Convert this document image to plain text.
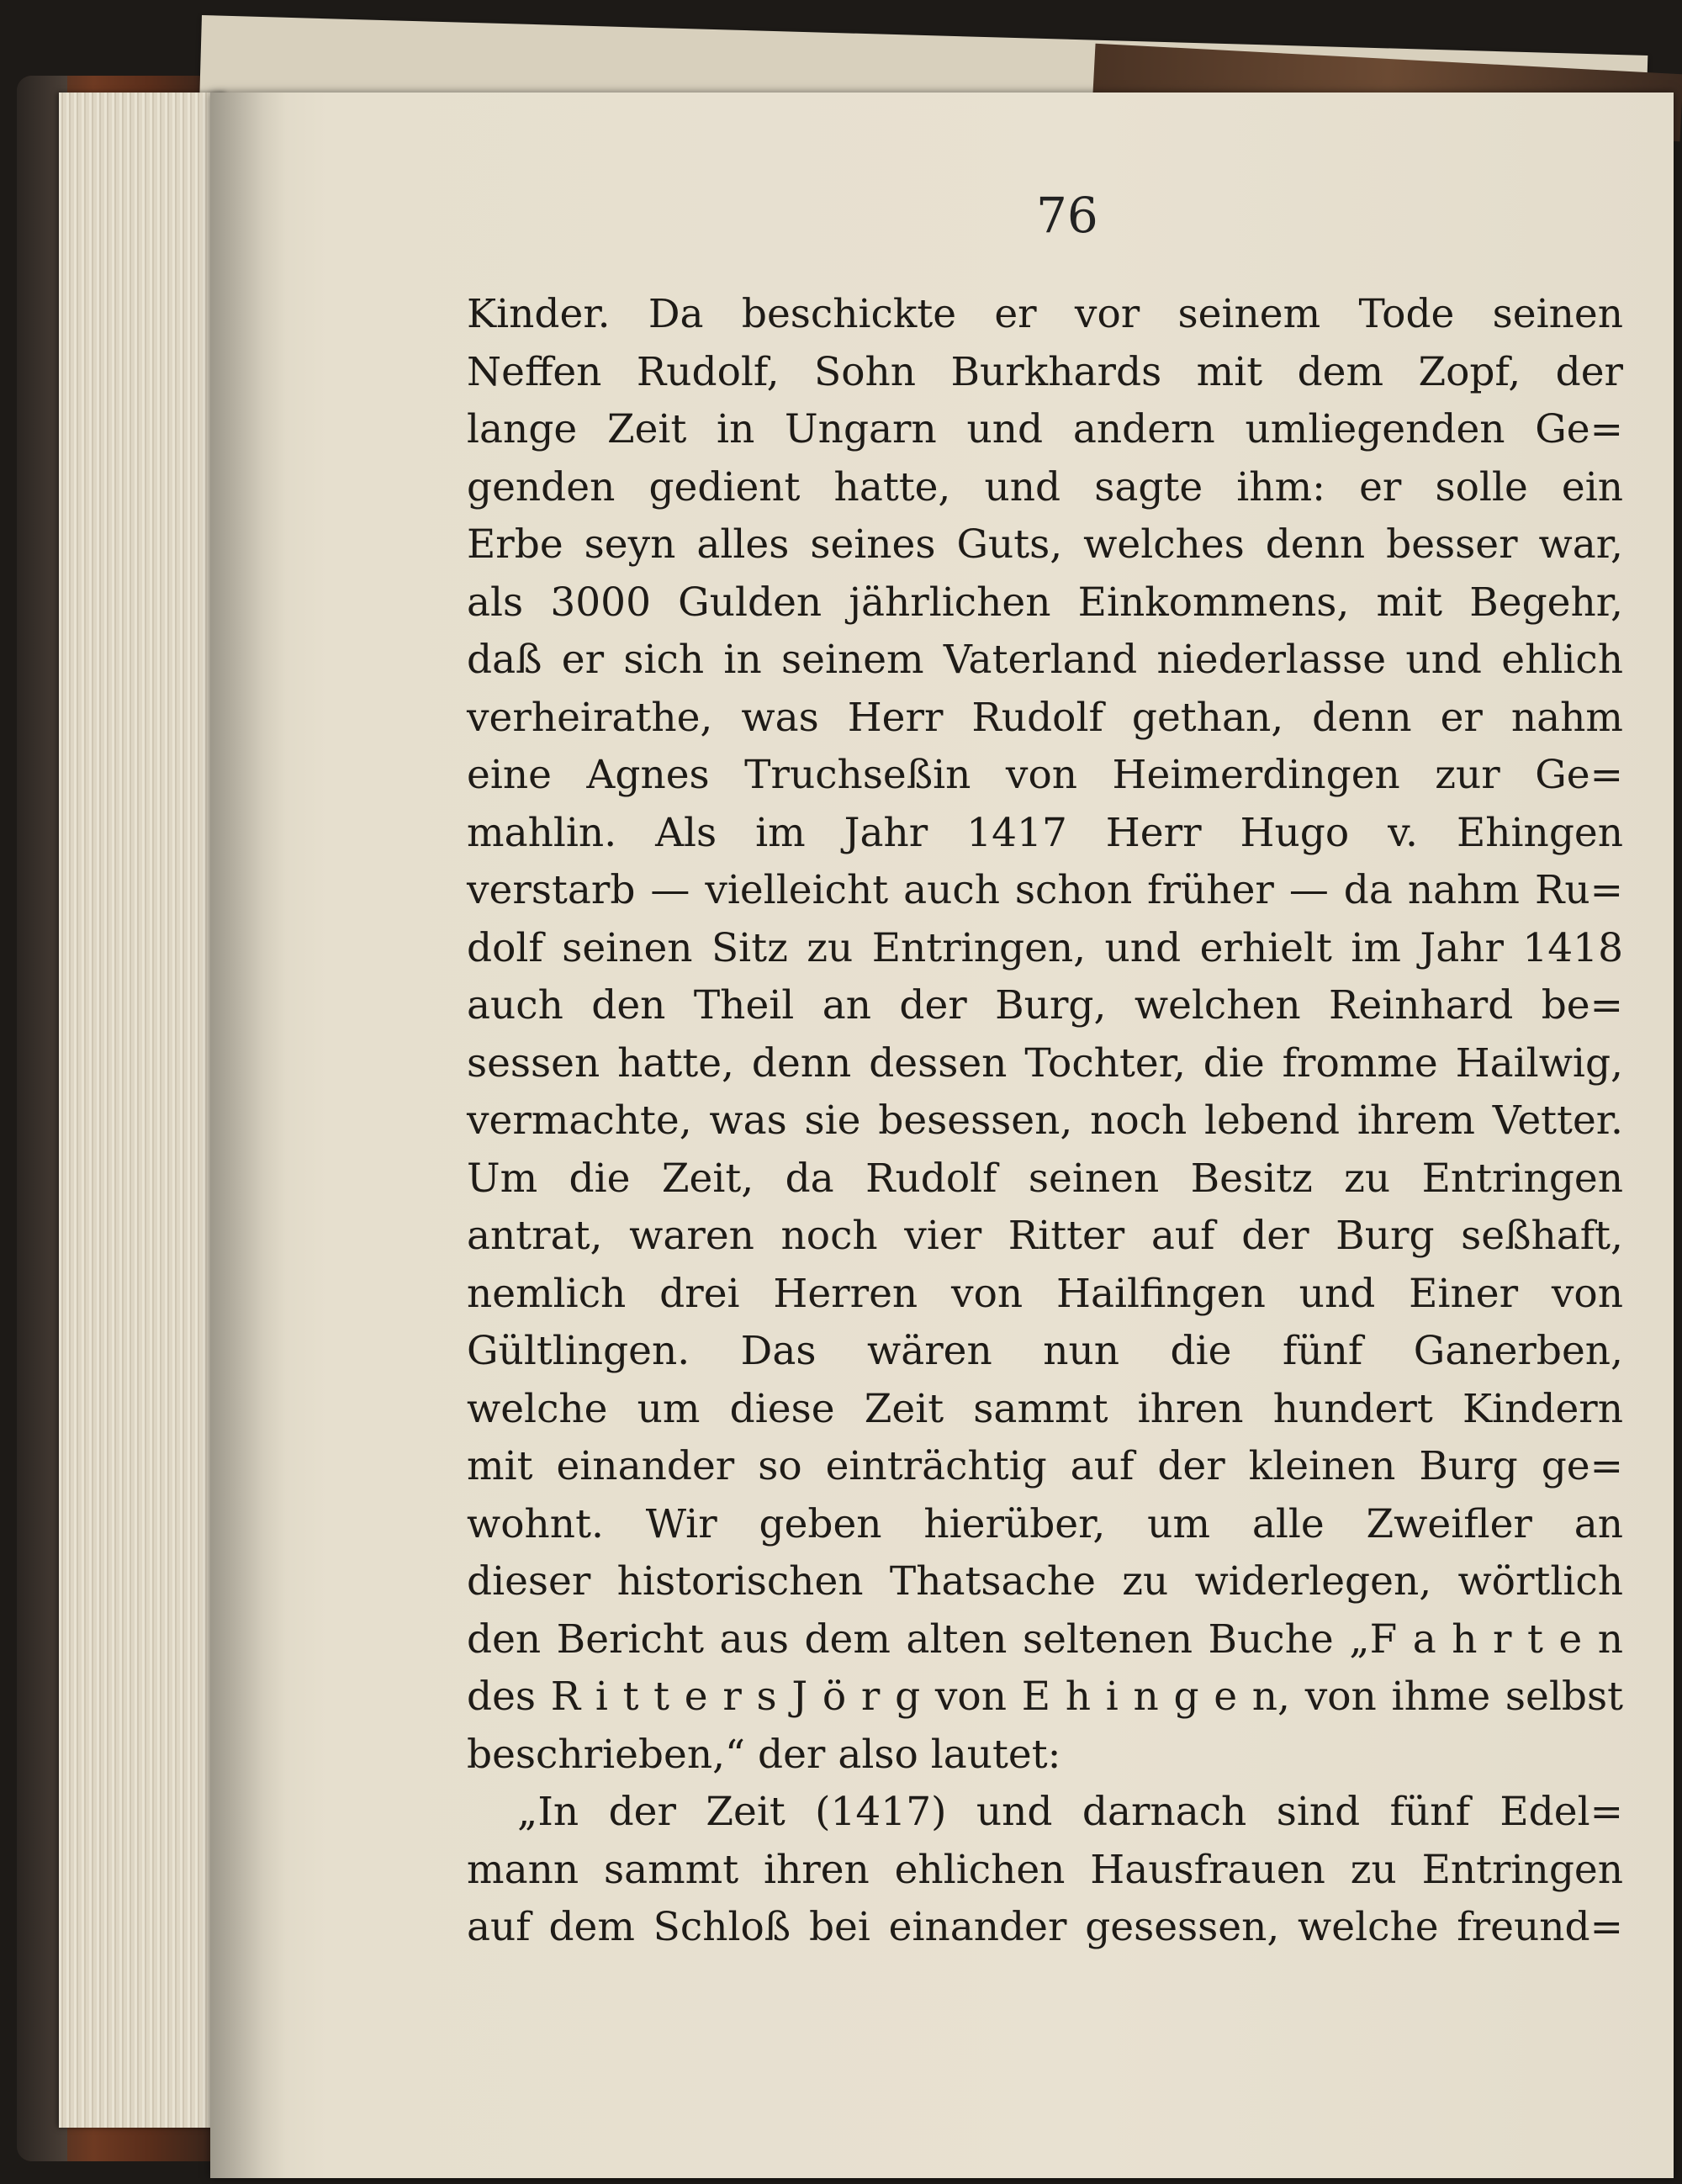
76
Kinder. Da beschickte er vor seinem Tode seinen
Neffen Rudolf, Sohn Burkhards mit dem Zopf, der
lange Zeit in Ungarn und andern umliegenden Ge=
genden gedient hatte, und sagte ihm: er solle ein
Erbe seyn alles seines Guts, welches denn besser war,
als 3000 Gulden jährlichen Einkommens, mit Begehr,
daß er sich in seinem Vaterland niederlasse und ehlich
verheirathe, was Herr Rudolf gethan, denn er nahm
eine Agnes Truchseßin von Heimerdingen zur Ge=
mahlin. Als im Jahr 1417 Herr Hugo v. Ehingen
verstarb — vielleicht auch schon früher — da nahm Ru=
dolf seinen Sitz zu Entringen, und erhielt im Jahr 1418
auch den Theil an der Burg, welchen Reinhard be=
sessen hatte, denn dessen Tochter, die fromme Hailwig,
vermachte, was sie besessen, noch lebend ihrem Vetter.
Um die Zeit, da Rudolf seinen Besitz zu Entringen
antrat, waren noch vier Ritter auf der Burg seßhaft,
nemlich drei Herren von Hailfingen und Einer von
Gültlingen. Das wären nun die fünf Ganerben,
welche um diese Zeit sammt ihren hundert Kindern
mit einander so einträchtig auf der kleinen Burg ge=
wohnt. Wir geben hierüber, um alle Zweifler an
dieser historischen Thatsache zu widerlegen, wörtlich
den Bericht aus dem alten seltenen Buche „F a h r t e n
des R i t t e r s J ö r g von E h i n g e n, von ihme selbst
beschrieben,“ der also lautet:
„In der Zeit (1417) und darnach sind fünf Edel=
mann sammt ihren ehlichen Hausfrauen zu Entringen
auf dem Schloß bei einander gesessen, welche freund=
